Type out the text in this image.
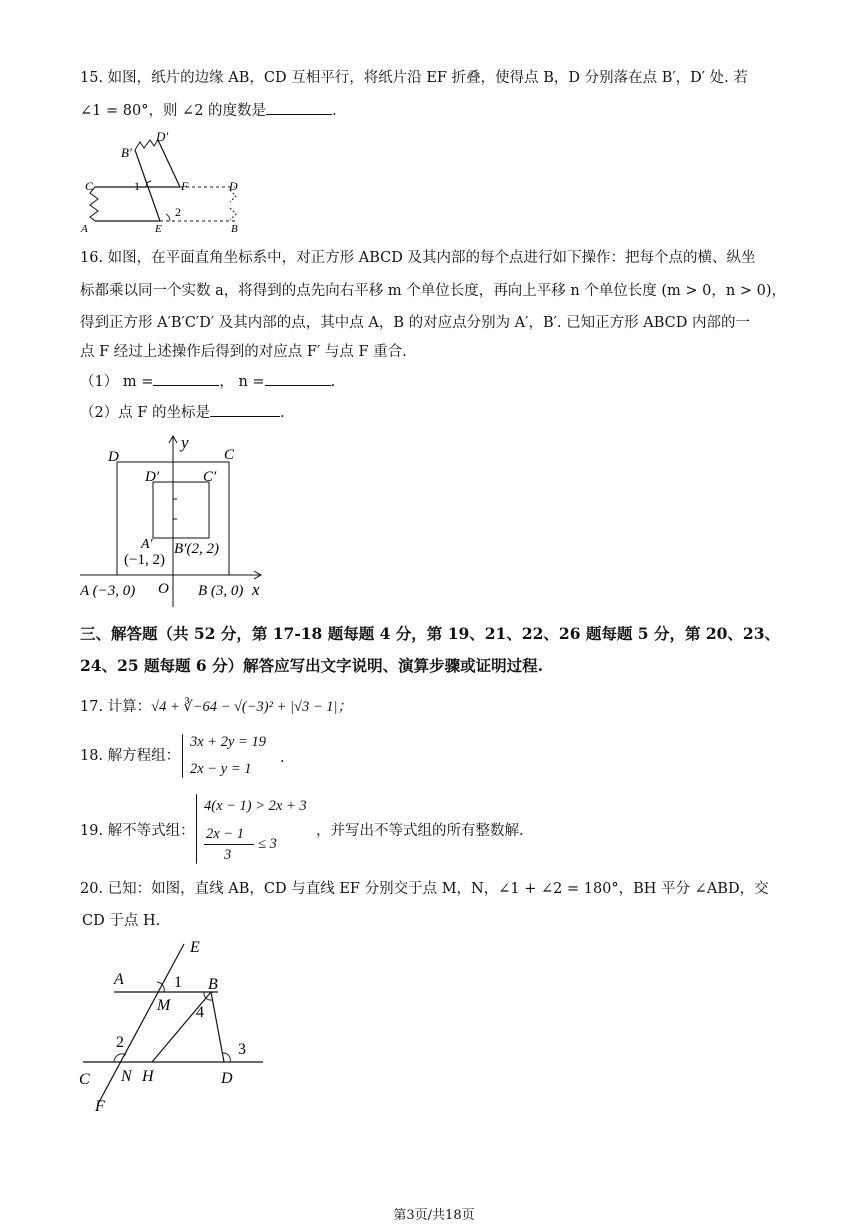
15. 如图，纸片的边缘 AB，CD 互相平行，将纸片沿 EF 折叠，使得点 B，D 分别落在点 B′，D′ 处. 若
∠1 = 80°，则 ∠2 的度数是	.
D′
B′
C	1	F	D
2
A	E	B
16. 如图，在平面直角坐标系中，对正方形 ABCD 及其内部的每个点进行如下操作：把每个点的横、纵坐
标都乘以同一个实数 a，将得到的点先向右平移 m 个单位长度，再向上平移 n 个单位长度 (m > 0，n > 0)，
得到正方形 A′B′C′D′ 及其内部的点，其中点 A，B 的对应点分别为 A′，B′. 已知正方形 ABCD 内部的一
点 F 经过上述操作后得到的对应点 F′ 与点 F 重合.
（1） m =	， n =	.
（2）点 F 的坐标是	.
y
D	C
D′	C′
A′
(−1, 2)
B′(2, 2)
A (−3, 0) O B (3, 0) x
三、解答题（共 52 分，第 17-18 题每题 4 分，第 19、21、22、26 题每题 5 分，第 20、23、
24、25 题每题 6 分）解答应写出文字说明、演算步骤或证明过程.
17. 计算：√4 + ∛−64 − √(−3)² + |√3 − 1|；
18. 解方程组：
3x + 2y = 19
2x − y = 1
.
19. 解不等式组：
4(x − 1) > 2x + 3
2x − 1
3
≤ 3
，并写出不等式组的所有整数解.
20. 已知：如图，直线 AB，CD 与直线 EF 分别交于点 M，N，∠1 + ∠2 = 180°，BH 平分 ∠ABD，交
CD 于点 H.
E
A	1 B
M 4
2	3
C N H	D
F
第3页/共18页
